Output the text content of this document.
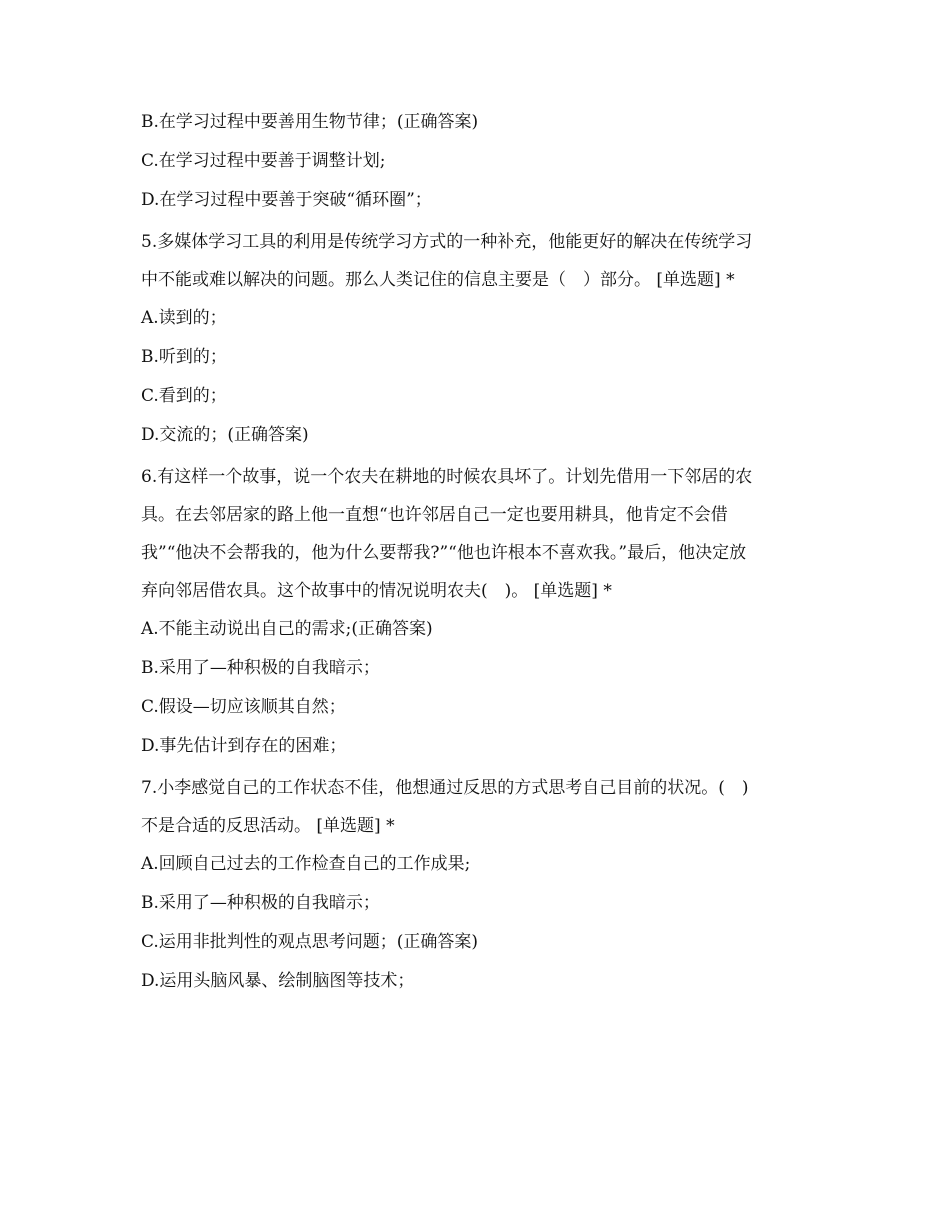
B.在学习过程中要善用生物节律；(正确答案)
C.在学习过程中要善于调整计划;
D.在学习过程中要善于突破“循环圈”；
5.多媒体学习工具的利用是传统学习方式的一种补充，他能更好的解决在传统学习
中不能或难以解决的问题。那么人类记住的信息主要是（　）部分。 [单选题] *
A.读到的；
B.听到的；
C.看到的；
D.交流的；(正确答案)
6.有这样一个故事，说一个农夫在耕地的时候农具坏了。计划先借用一下邻居的农
具。在去邻居家的路上他一直想“也许邻居自己一定也要用耕具，他肯定不会借
我”“他决不会帮我的，他为什么要帮我?”“他也许根本不喜欢我。”最后，他决定放
弃向邻居借农具。这个故事中的情况说明农夫(　)。 [单选题] *
A.不能主动说出自己的需求;(正确答案)
B.采用了—种积极的自我暗示；
C.假设—切应该顺其自然；
D.事先估计到存在的困难；
7.小李感觉自己的工作状态不佳，他想通过反思的方式思考自己目前的状况。(　)
不是合适的反思活动。 [单选题] *
A.回顾自己过去的工作检查自己的工作成果;
B.采用了—种积极的自我暗示；
C.运用非批判性的观点思考问题；(正确答案)
D.运用头脑风暴、绘制脑图等技术；
